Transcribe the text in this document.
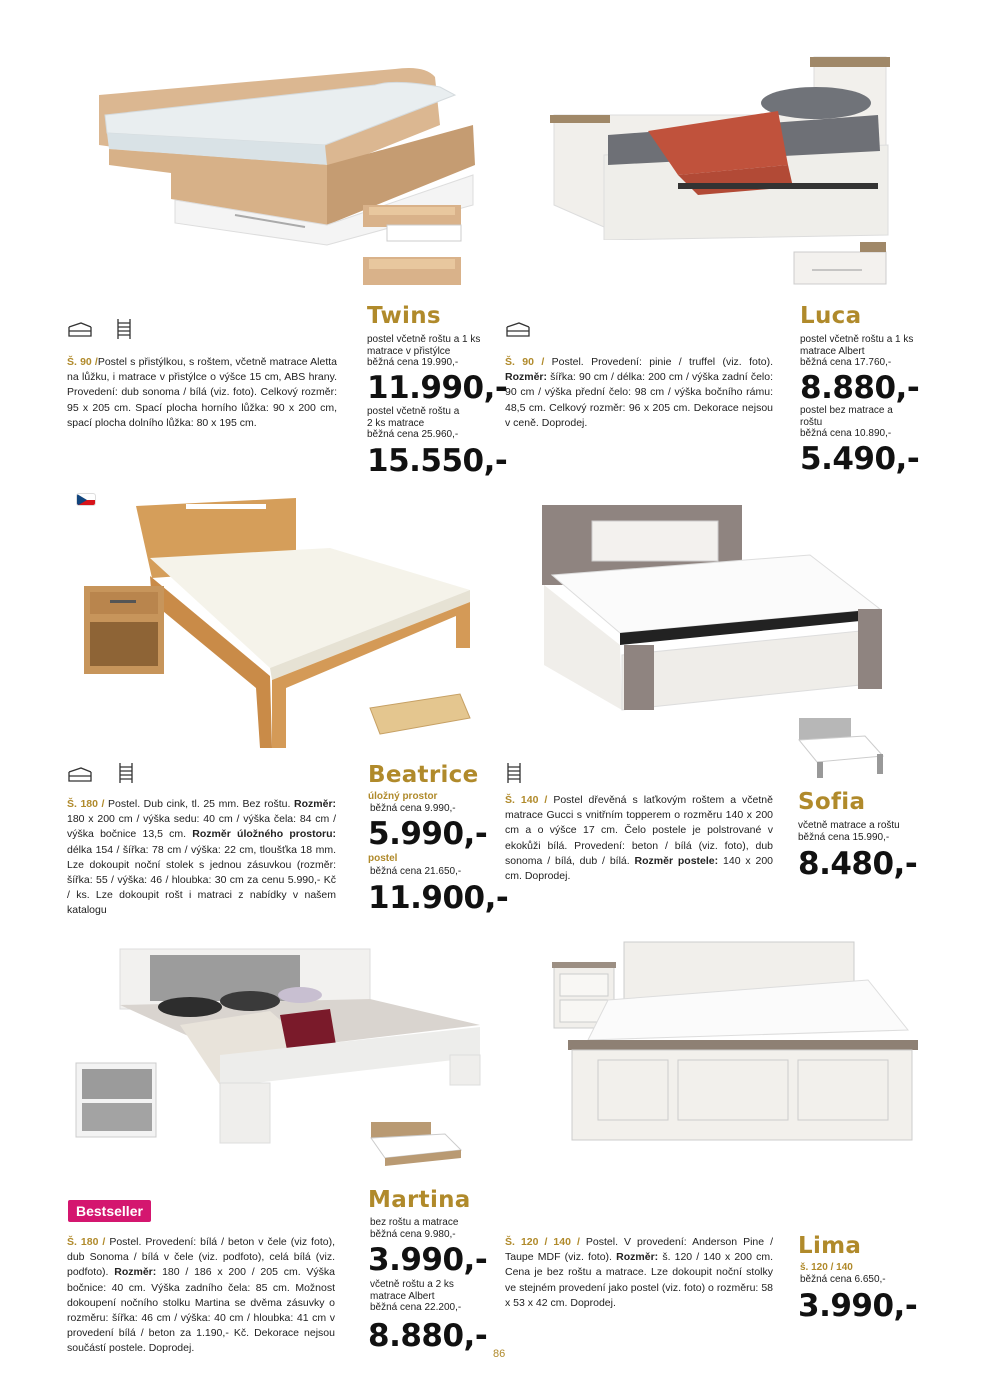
Twins
postel včetně roštu a 1 ks matrace v přistýlce
běžná cena 19.990,-
11.990,-
postel včetně roštu a 2 ks matrace
běžná cena 25.960,-
15.550,-
Š. 90 /Postel s přistýlkou, s roštem, včetně matrace Aletta na lůžku, i matrace v přistýlce o výšce 15 cm, ABS hrany. Provedení: dub sonoma / bílá (viz. foto). Celkový rozměr: 95 x 205 cm. Spací plocha horního lůžka: 90 x 200 cm, spací plocha dolního lůžka: 80 x 195 cm.
Luca
postel včetně roštu a 1 ks matrace Albert
běžná cena 17.760,-
8.880,-
postel bez matrace a roštu
běžná cena 10.890,-
5.490,-
Š. 90 / Postel. Provedení: pinie / truffel (viz. foto). Rozměr: šířka: 90 cm / délka: 200 cm / výška zadní čelo: 90 cm / výška přední čelo: 98 cm / výška bočního rámu: 48,5 cm. Celkový rozměr: 96 x 205 cm. Dekorace nejsou v ceně. Doprodej.
Beatrice
úložný prostor
běžná cena 9.990,-
5.990,-
postel
běžná cena 21.650,-
11.900,-
Š. 180 / Postel. Dub cink, tl. 25 mm. Bez roštu. Rozměr: 180 x 200 cm / výška sedu: 40 cm / výška čela: 84 cm / výška bočnice 13,5 cm. Rozměr úložného prostoru: délka 154 / šířka: 78 cm / výška: 22 cm, tloušťka 18 mm. Lze dokoupit noční stolek s jednou zásuvkou (rozměr: šířka: 55 / výška: 46 / hloubka: 30 cm za cenu 5.990,- Kč / ks. Lze dokoupit rošt i matraci z nabídky v našem katalogu
Sofia
včetně matrace a roštu
běžná cena 15.990,-
8.480,-
Š. 140 / Postel dřevěná s laťkovým roštem a včetně matrace Gucci s vnitřním topperem o rozměru 140 x 200 cm a o výšce 17 cm. Čelo postele je polstrované v ekokůži bílá. Provedení: beton / bílá (viz. foto), dub sonoma / bílá, dub / bílá. Rozměr postele: 140 x 200 cm. Doprodej.
Bestseller	Martina
bez roštu a matrace
běžná cena 9.980,-
3.990,-
včetně roštu a 2 ks matrace Albert
běžná cena 22.200,-
8.880,-
Š. 180 / Postel. Provedení: bílá / beton v čele (viz foto), dub Sonoma / bílá v čele (viz. podfoto), celá bílá (viz. podfoto). Rozměr: 180 / 186 x 200 / 205 cm. Výška bočnice: 40 cm. Výška zadního čela: 85 cm. Možnost dokoupení nočního stolku Martina se dvěma zásuvky o rozměru: šířka: 46 cm / výška: 40 cm / hloubka: 41 cm v provedení bílá / beton za 1.190,- Kč. Dekorace nejsou součástí postele. Doprodej.
Lima
š. 120 / 140
běžná cena 6.650,-
3.990,-
Š. 120 / 140 / Postel. V provedení: Anderson Pine / Taupe MDF (viz. foto). Rozměr: š. 120 / 140 x 200 cm. Cena je bez roštu a matrace. Lze dokoupit noční stolky ve stejném provedení jako postel (viz. foto) o rozměru: 58 x 53 x 42 cm. Doprodej.
86
